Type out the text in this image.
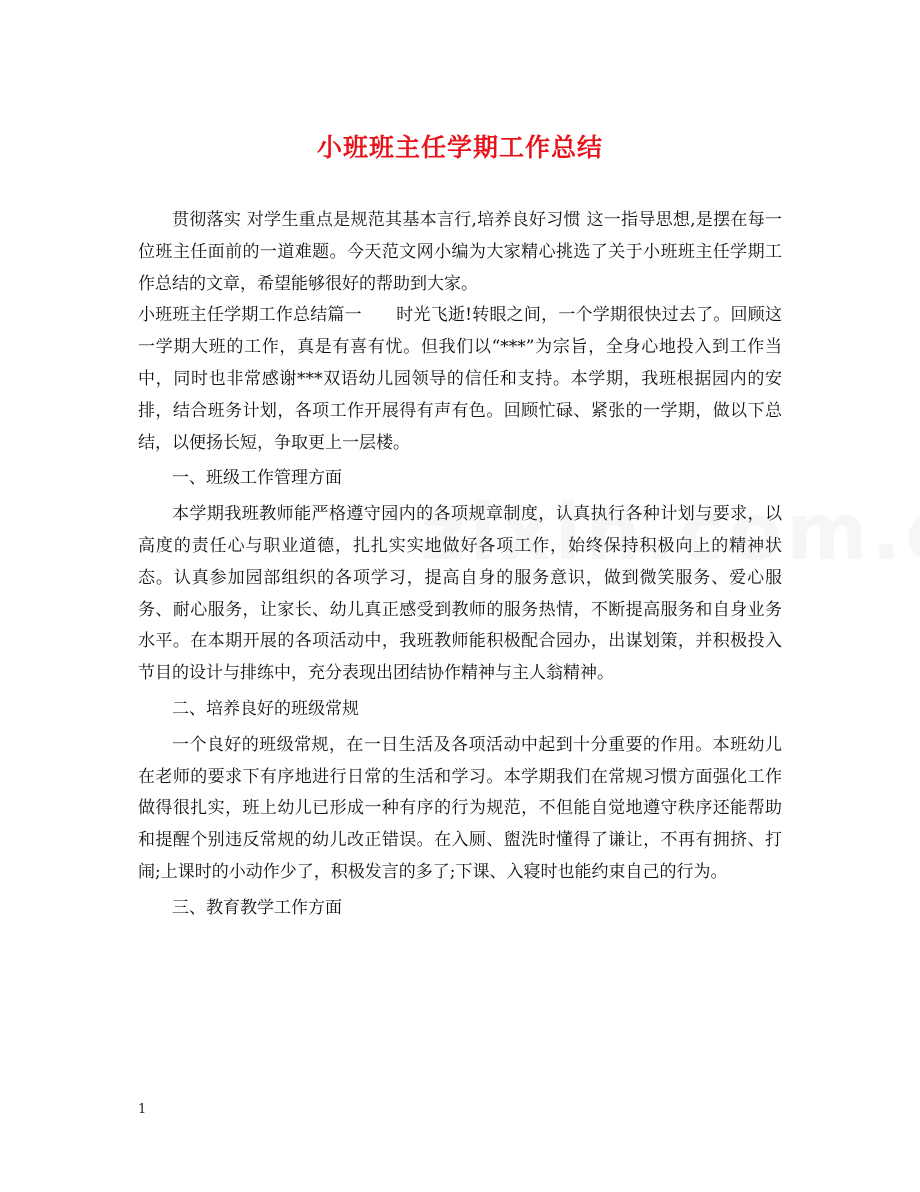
小班班主任学期工作总结

贯彻落实 对学生重点是规范其基本言行,培养良好习惯 这一指导思想,是摆在每一位班主任面前的一道难题。今天范文网小编为大家精心挑选了关于小班班主任学期工作总结的文章，希望能够很好的帮助到大家。

小班班主任学期工作总结篇一　　时光飞逝!转眼之间，一个学期很快过去了。回顾这一学期大班的工作，真是有喜有忧。但我们以“***”为宗旨，全身心地投入到工作当中，同时也非常感谢***双语幼儿园领导的信任和支持。本学期，我班根据园内的安排，结合班务计划，各项工作开展得有声有色。回顾忙碌、紧张的一学期，做以下总结，以便扬长短，争取更上一层楼。

一、班级工作管理方面

本学期我班教师能严格遵守园内的各项规章制度，认真执行各种计划与要求，以高度的责任心与职业道德，扎扎实实地做好各项工作，始终保持积极向上的精神状态。认真参加园部组织的各项学习，提高自身的服务意识，做到微笑服务、爱心服务、耐心服务，让家长、幼儿真正感受到教师的服务热情，不断提高服务和自身业务水平。在本期开展的各项活动中，我班教师能积极配合园办，出谋划策，并积极投入节目的设计与排练中，充分表现出团结协作精神与主人翁精神。

二、培养良好的班级常规

一个良好的班级常规，在一日生活及各项活动中起到十分重要的作用。本班幼儿在老师的要求下有序地进行日常的生活和学习。本学期我们在常规习惯方面强化工作做得很扎实，班上幼儿已形成一种有序的行为规范，不但能自觉地遵守秩序还能帮助和提醒个别违反常规的幼儿改正错误。在入厕、盥洗时懂得了谦让，不再有拥挤、打闹;上课时的小动作少了，积极发言的多了;下课、入寝时也能约束自己的行为。

三、教育教学工作方面

1
